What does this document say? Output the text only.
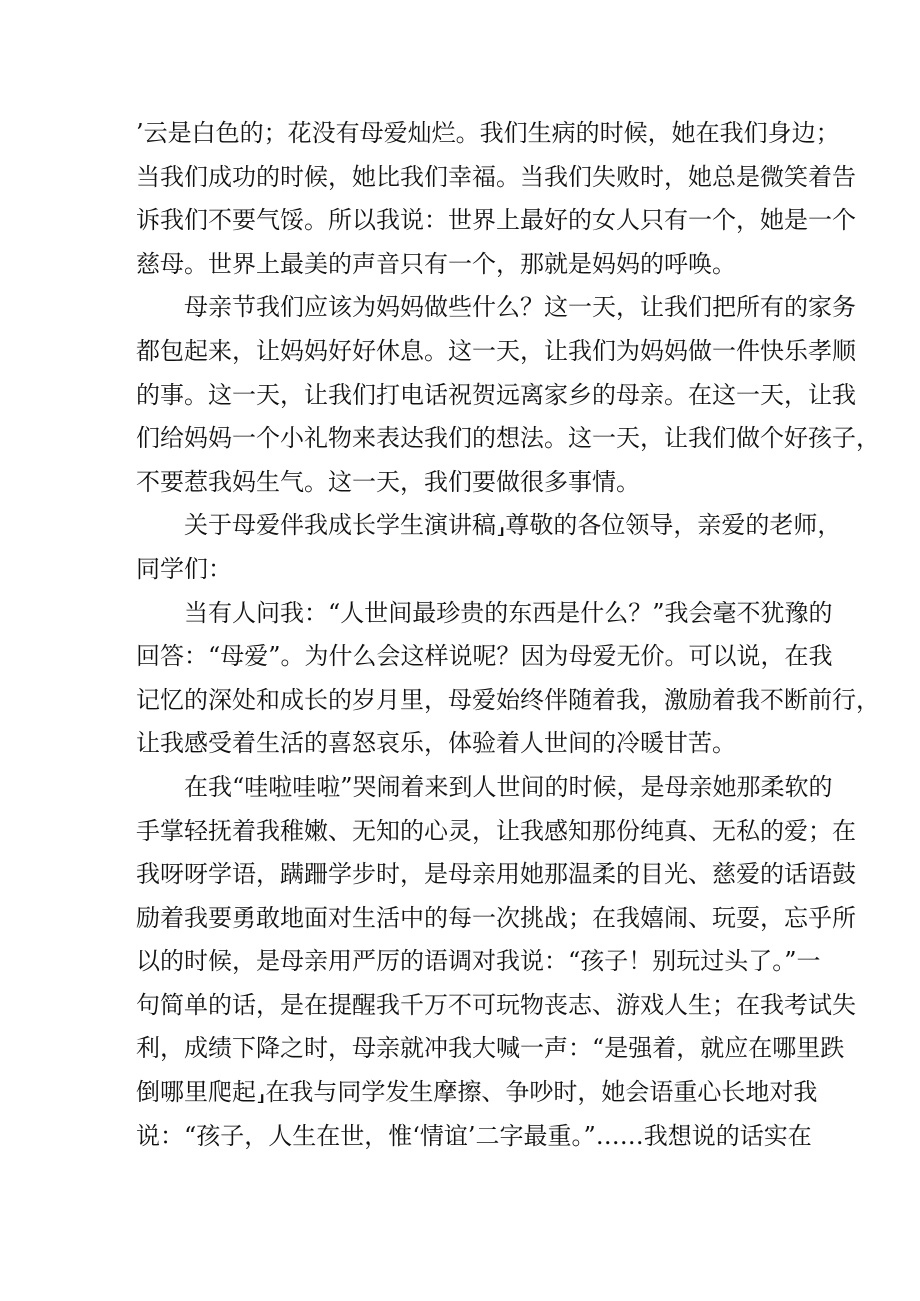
’云是白色的；花没有母爱灿烂。我们生病的时候，她在我们身边；
当我们成功的时候，她比我们幸福。当我们失败时，她总是微笑着告
诉我们不要气馁。所以我说：世界上最好的女人只有一个，她是一个
慈母。世界上最美的声音只有一个，那就是妈妈的呼唤。
母亲节我们应该为妈妈做些什么？这一天，让我们把所有的家务
都包起来，让妈妈好好休息。这一天，让我们为妈妈做一件快乐孝顺
的事。这一天，让我们打电话祝贺远离家乡的母亲。在这一天，让我
们给妈妈一个小礼物来表达我们的想法。这一天，让我们做个好孩子，
不要惹我妈生气。这一天，我们要做很多事情。
关于母爱伴我成长学生演讲稿⸥尊敬的各位领导，亲爱的老师，
同学们：
当有人问我：“人世间最珍贵的东西是什么？”我会毫不犹豫的
回答：“母爱”。为什么会这样说呢？因为母爱无价。可以说，在我
记忆的深处和成长的岁月里，母爱始终伴随着我，激励着我不断前行，
让我感受着生活的喜怒哀乐，体验着人世间的冷暖甘苦。
在我“哇啦哇啦”哭闹着来到人世间的时候，是母亲她那柔软的
手掌轻抚着我稚嫩、无知的心灵，让我感知那份纯真、无私的爱；在
我呀呀学语，蹒跚学步时，是母亲用她那温柔的目光、慈爱的话语鼓
励着我要勇敢地面对生活中的每一次挑战；在我嬉闹、玩耍，忘乎所
以的时候，是母亲用严厉的语调对我说：“孩子！别玩过头了。”一
句简单的话，是在提醒我千万不可玩物丧志、游戏人生；在我考试失
利，成绩下降之时，母亲就冲我大喊一声：“是强着，就应在哪里跌
倒哪里爬起⸥在我与同学发生摩擦、争吵时，她会语重心长地对我
说：“孩子，人生在世，惟‘情谊’二字最重。”……我想说的话实在
